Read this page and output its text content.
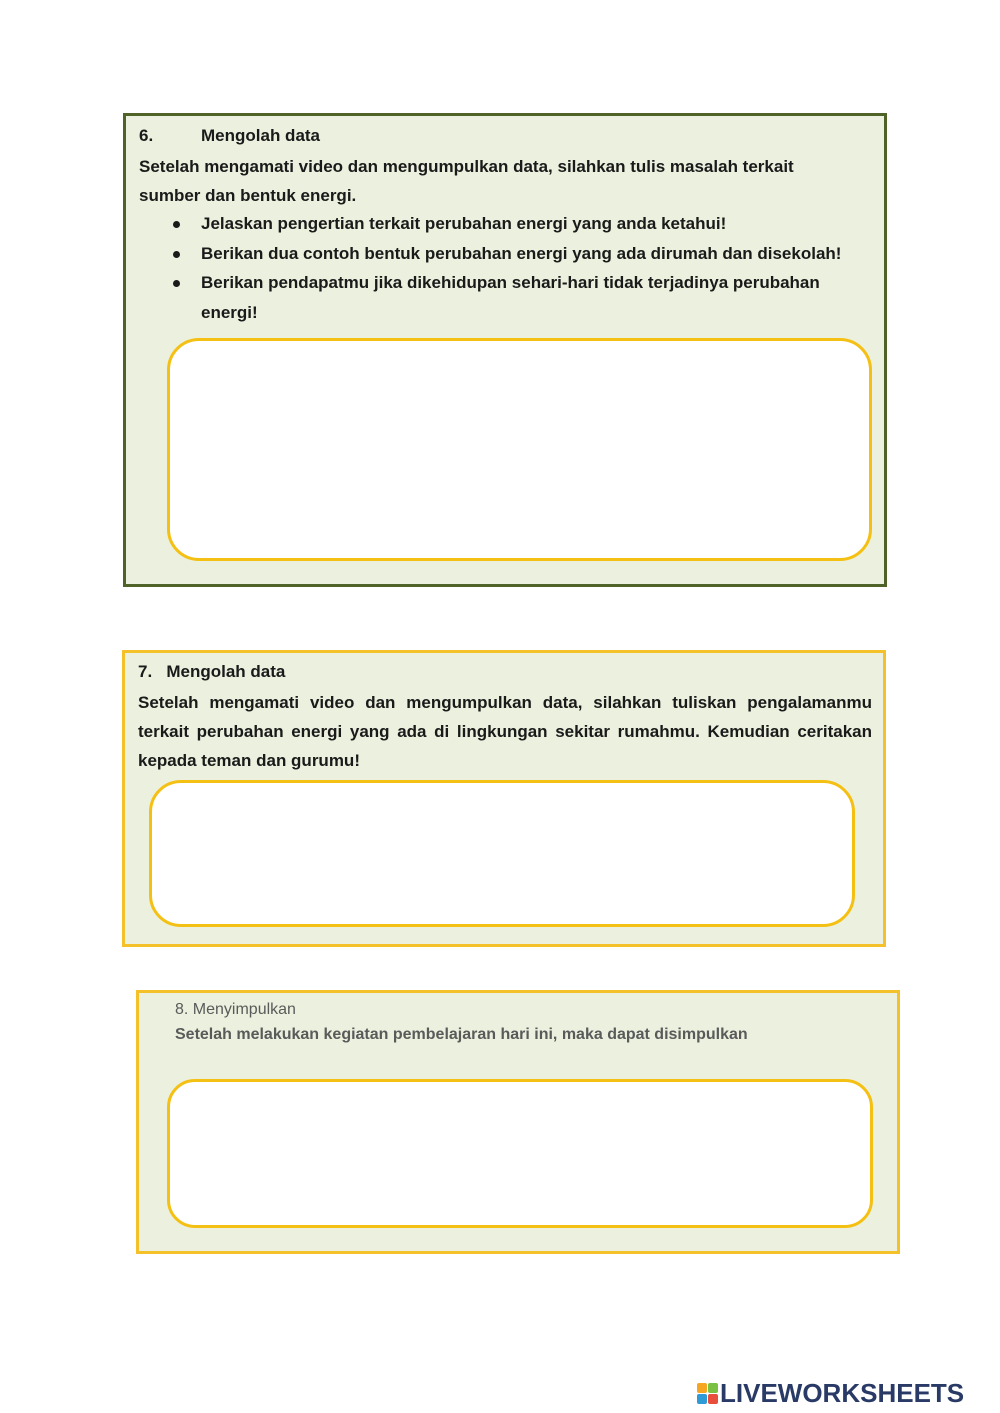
6.	Mengolah data
Setelah mengamati video dan mengumpulkan data, silahkan tulis masalah terkait sumber dan bentuk energi.
Jelaskan pengertian terkait perubahan energi yang anda ketahui!
Berikan dua contoh bentuk perubahan energi yang ada dirumah dan disekolah!
Berikan pendapatmu jika dikehidupan sehari-hari tidak terjadinya perubahan energi!
7.   Mengolah data
Setelah mengamati video dan mengumpulkan data, silahkan tuliskan pengalamanmu terkait perubahan energi yang ada di lingkungan sekitar rumahmu. Kemudian ceritakan kepada teman dan gurumu!
8. Menyimpulkan
Setelah melakukan kegiatan pembelajaran hari ini, maka dapat disimpulkan
LIVEWORKSHEETS
